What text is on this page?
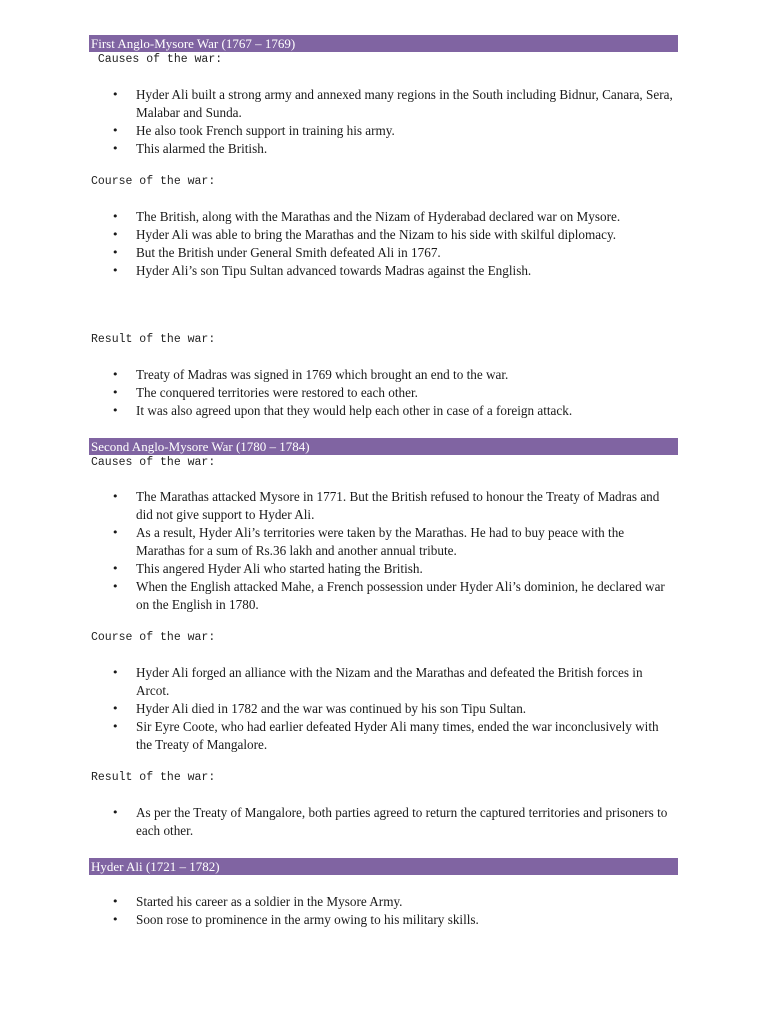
First Anglo-Mysore War (1767 – 1769)
Causes of the war:
• Hyder Ali built a strong army and annexed many regions in the South including Bidnur, Canara, Sera, Malabar and Sunda.
• He also took French support in training his army.
• This alarmed the British.
Course of the war:
• The British, along with the Marathas and the Nizam of Hyderabad declared war on Mysore.
• Hyder Ali was able to bring the Marathas and the Nizam to his side with skilful diplomacy.
• But the British under General Smith defeated Ali in 1767.
• Hyder Ali’s son Tipu Sultan advanced towards Madras against the English.
Result of the war:
• Treaty of Madras was signed in 1769 which brought an end to the war.
• The conquered territories were restored to each other.
• It was also agreed upon that they would help each other in case of a foreign attack.
Second Anglo-Mysore War (1780 – 1784)
Causes of the war:
• The Marathas attacked Mysore in 1771. But the British refused to honour the Treaty of Madras and did not give support to Hyder Ali.
• As a result, Hyder Ali’s territories were taken by the Marathas. He had to buy peace with the Marathas for a sum of Rs.36 lakh and another annual tribute.
• This angered Hyder Ali who started hating the British.
• When the English attacked Mahe, a French possession under Hyder Ali’s dominion, he declared war on the English in 1780.
Course of the war:
• Hyder Ali forged an alliance with the Nizam and the Marathas and defeated the British forces in Arcot.
• Hyder Ali died in 1782 and the war was continued by his son Tipu Sultan.
• Sir Eyre Coote, who had earlier defeated Hyder Ali many times, ended the war inconclusively with the Treaty of Mangalore.
Result of the war:
• As per the Treaty of Mangalore, both parties agreed to return the captured territories and prisoners to each other.
Hyder Ali (1721 – 1782)
• Started his career as a soldier in the Mysore Army.
• Soon rose to prominence in the army owing to his military skills.
